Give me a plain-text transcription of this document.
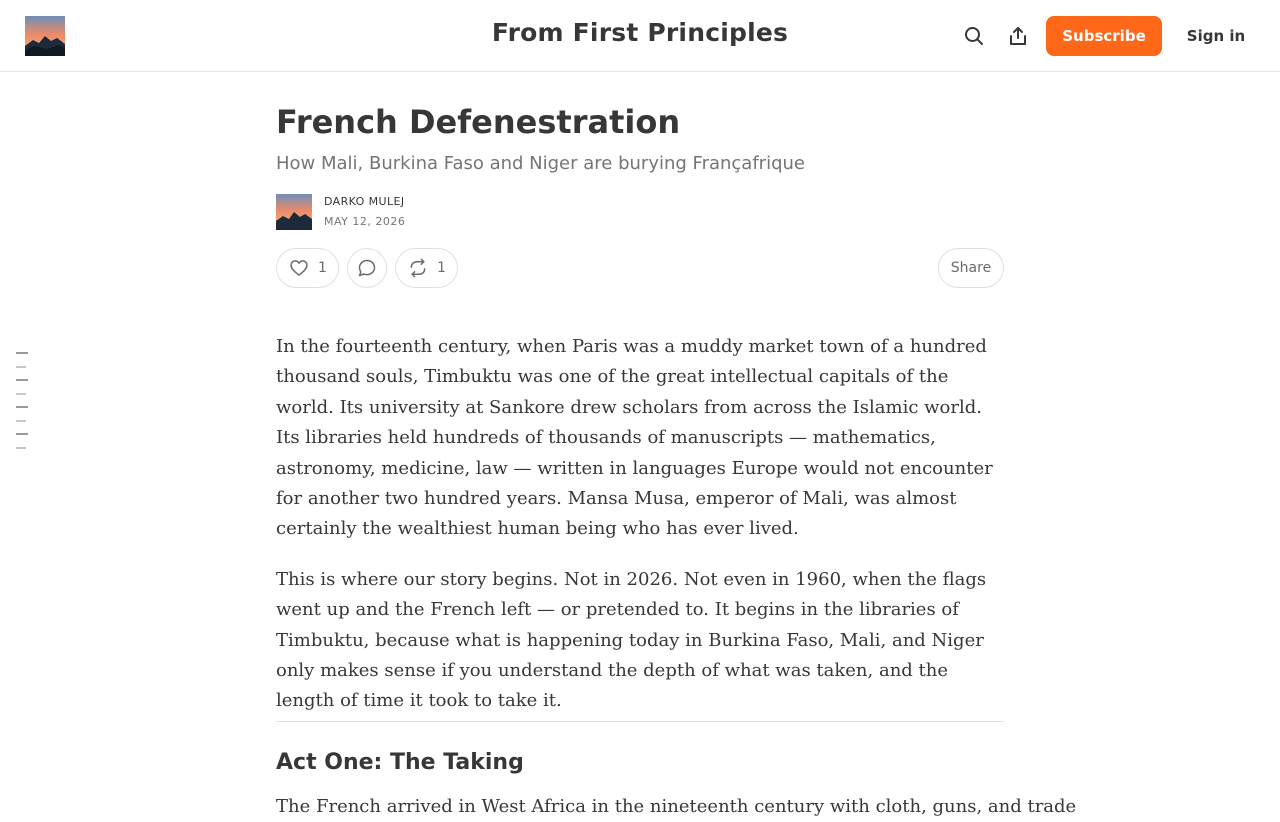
From First Principles	Subscribe	Sign in
French Defenestration
How Mali, Burkina Faso and Niger are burying Françafrique
DARKO MULEJ
MAY 12, 2026
1	1	Share

In the fourteenth century, when Paris was a muddy market town of a hundred thousand souls, Timbuktu was one of the great intellectual capitals of the world. Its university at Sankore drew scholars from across the Islamic world. Its libraries held hundreds of thousands of manuscripts — mathematics, astronomy, medicine, law — written in languages Europe would not encounter for another two hundred years. Mansa Musa, emperor of Mali, was almost certainly the wealthiest human being who has ever lived.

This is where our story begins. Not in 2026. Not even in 1960, when the flags went up and the French left — or pretended to. It begins in the libraries of Timbuktu, because what is happening today in Burkina Faso, Mali, and Niger only makes sense if you understand the depth of what was taken, and the length of time it took to take it.

Act One: The Taking
The French arrived in West Africa in the nineteenth century with cloth, guns, and trade
